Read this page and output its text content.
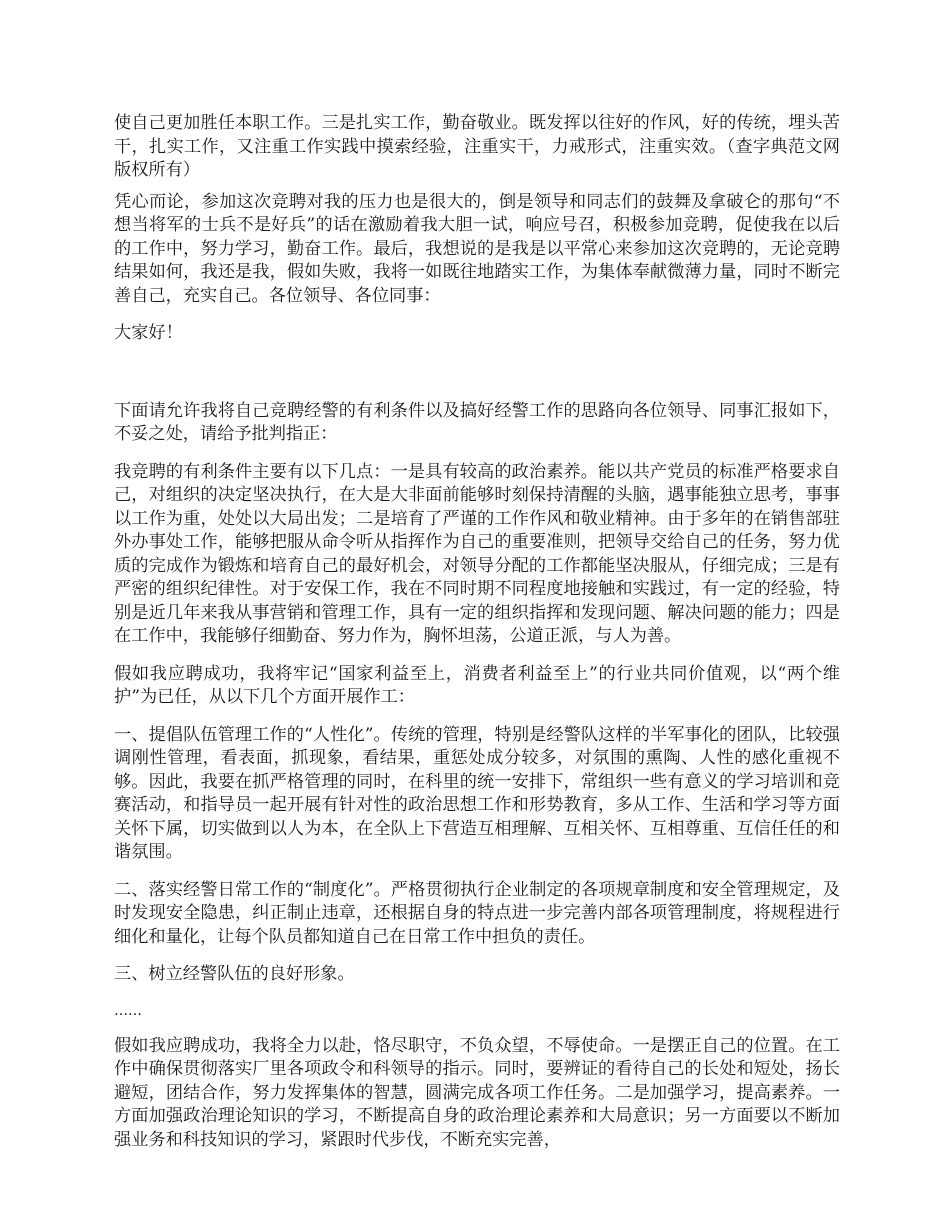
使自己更加胜任本职工作。三是扎实工作，勤奋敬业。既发挥以往好的作风，好的传统，埋头苦干，扎实工作，又注重工作实践中摸索经验，注重实干，力戒形式，注重实效。（查字典范文网版权所有）

凭心而论，参加这次竞聘对我的压力也是很大的，倒是领导和同志们的鼓舞及拿破仑的那句“不想当将军的士兵不是好兵”的话在激励着我大胆一试，响应号召，积极参加竞聘，促使我在以后的工作中，努力学习，勤奋工作。最后，我想说的是我是以平常心来参加这次竞聘的，无论竞聘结果如何，我还是我，假如失败，我将一如既往地踏实工作，为集体奉献微薄力量，同时不断完善自己，充实自己。各位领导、各位同事：

大家好！

下面请允许我将自己竞聘经警的有利条件以及搞好经警工作的思路向各位领导、同事汇报如下，不妥之处，请给予批判指正：

我竞聘的有利条件主要有以下几点：一是具有较高的政治素养。能以共产党员的标准严格要求自己，对组织的决定坚决执行，在大是大非面前能够时刻保持清醒的头脑，遇事能独立思考，事事以工作为重，处处以大局出发；二是培育了严谨的工作作风和敬业精神。由于多年的在销售部驻外办事处工作，能够把服从命令听从指挥作为自己的重要准则，把领导交给自己的任务，努力优质的完成作为锻炼和培育自己的最好机会，对领导分配的工作都能坚决服从，仔细完成；三是有严密的组织纪律性。对于安保工作，我在不同时期不同程度地接触和实践过，有一定的经验，特别是近几年来我从事营销和管理工作，具有一定的组织指挥和发现问题、解决问题的能力；四是在工作中，我能够仔细勤奋、努力作为，胸怀坦荡，公道正派，与人为善。

假如我应聘成功，我将牢记“国家利益至上，消费者利益至上”的行业共同价值观，以“两个维护”为已任，从以下几个方面开展作工：

一、提倡队伍管理工作的“人性化”。传统的管理，特别是经警队这样的半军事化的团队，比较强调刚性管理，看表面，抓现象，看结果，重惩处成分较多，对氛围的熏陶、人性的感化重视不够。因此，我要在抓严格管理的同时，在科里的统一安排下，常组织一些有意义的学习培训和竞赛活动，和指导员一起开展有针对性的政治思想工作和形势教育，多从工作、生活和学习等方面关怀下属，切实做到以人为本，在全队上下营造互相理解、互相关怀、互相尊重、互信任任的和谐氛围。

二、落实经警日常工作的“制度化”。严格贯彻执行企业制定的各项规章制度和安全管理规定，及时发现安全隐患，纠正制止违章，还根据自身的特点进一步完善内部各项管理制度，将规程进行细化和量化，让每个队员都知道自己在日常工作中担负的责任。

三、树立经警队伍的良好形象。

……

假如我应聘成功，我将全力以赴，恪尽职守，不负众望，不辱使命。一是摆正自己的位置。在工作中确保贯彻落实厂里各项政令和科领导的指示。同时，要辨证的看待自己的长处和短处，扬长避短，团结合作，努力发挥集体的智慧，圆满完成各项工作任务。二是加强学习，提高素养。一方面加强政治理论知识的学习，不断提高自身的政治理论素养和大局意识；另一方面要以不断加强业务和科技知识的学习，紧跟时代步伐，不断充实完善，
